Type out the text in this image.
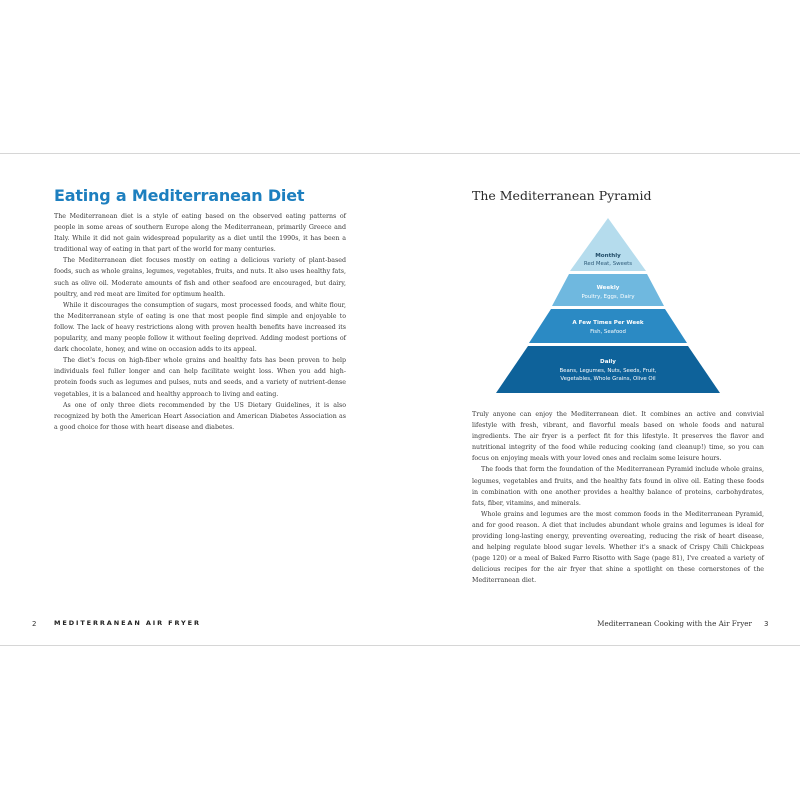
Eating a Mediterranean Diet

The Mediterranean diet is a style of eating based on the observed eating patterns of people in some areas of southern Europe along the Mediterranean, primarily Greece and Italy. While it did not gain widespread popularity as a diet until the 1990s, it has been a traditional way of eating in that part of the world for many centuries.

The Mediterranean diet focuses mostly on eating a delicious variety of plant-based foods, such as whole grains, legumes, vegetables, fruits, and nuts. It also uses healthy fats, such as olive oil. Moderate amounts of fish and other seafood are encouraged, but dairy, poultry, and red meat are limited for optimum health.

While it discourages the consumption of sugars, most processed foods, and white flour, the Mediterranean style of eating is one that most people find simple and enjoyable to follow. The lack of heavy restrictions along with proven health benefits have increased its popularity, and many people follow it without feeling deprived. Adding modest portions of dark chocolate, honey, and wine on occasion adds to its appeal.

The diet's focus on high-fiber whole grains and healthy fats has been proven to help individuals feel fuller longer and can help facilitate weight loss. When you add high-protein foods such as legumes and pulses, nuts and seeds, and a variety of nutrient-dense vegetables, it is a balanced and healthy approach to living and eating.

As one of only three diets recommended by the US Dietary Guidelines, it is also recognized by both the American Heart Association and American Diabetes Association as a good choice for those with heart disease and diabetes.

2	MEDITERRANEAN AIR FRYER
The Mediterranean Pyramid
Monthly
Red Meat, Sweets
Weekly
Poultry, Eggs, Dairy
A Few Times Per Week
Fish, Seafood
Daily
Beans, Legumes, Nuts, Seeds, Fruit,
Vegetables, Whole Grains, Olive Oil

Truly anyone can enjoy the Mediterranean diet. It combines an active and convivial lifestyle with fresh, vibrant, and flavorful meals based on whole foods and natural ingredients. The air fryer is a perfect fit for this lifestyle. It preserves the flavor and nutritional integrity of the food while reducing cooking (and cleanup!) time, so you can focus on enjoying meals with your loved ones and reclaim some leisure hours.

The foods that form the foundation of the Mediterranean Pyramid include whole grains, legumes, vegetables and fruits, and the healthy fats found in olive oil. Eating these foods in combination with one another provides a healthy balance of proteins, carbohydrates, fats, fiber, vitamins, and minerals.

Whole grains and legumes are the most common foods in the Mediterranean Pyramid, and for good reason. A diet that includes abundant whole grains and legumes is ideal for providing long-lasting energy, preventing overeating, reducing the risk of heart disease, and helping regulate blood sugar levels. Whether it's a snack of Crispy Chili Chickpeas (page 120) or a meal of Baked Farro Risotto with Sage (page 81), I've created a variety of delicious recipes for the air fryer that shine a spotlight on these cornerstones of the Mediterranean diet.

Mediterranean Cooking with the Air Fryer 3
